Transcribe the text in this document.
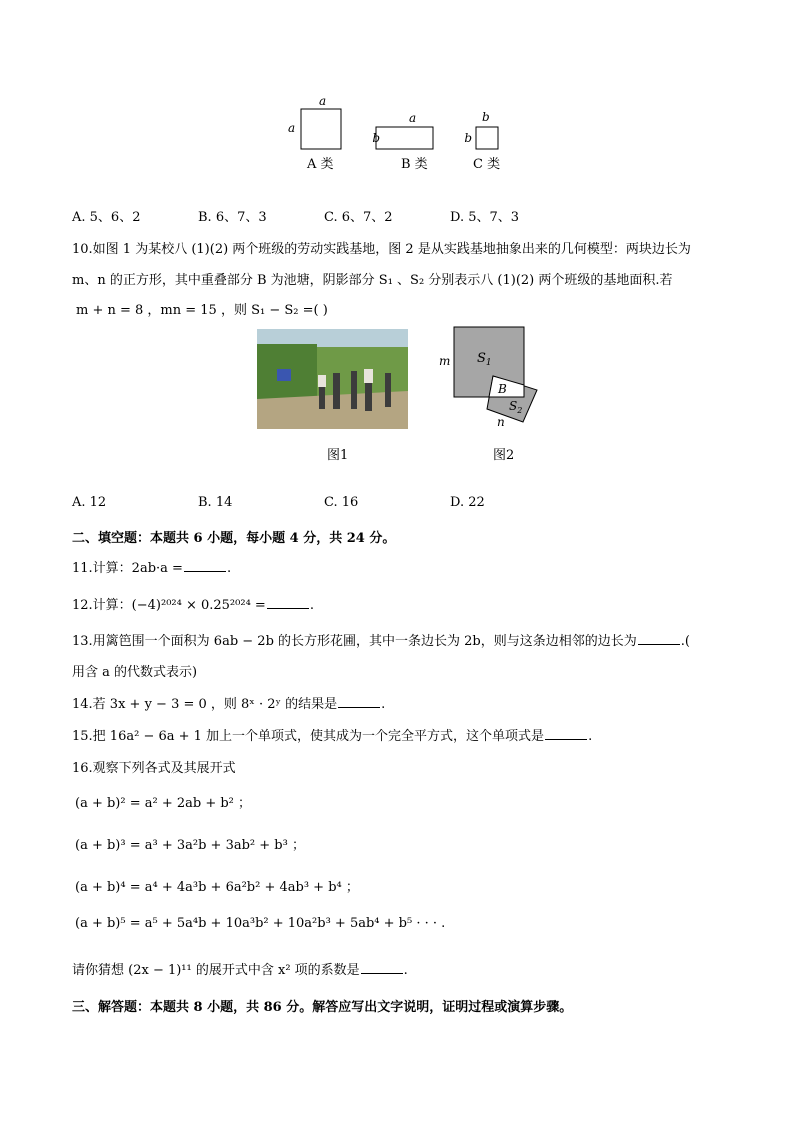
a
a
A 类
a
b
B 类
b
b
C 类
A. 5、6、2	B. 6、7、3	C. 6、7、2	D. 5、7、3
10.如图 1 为某校八 (1)(2) 两个班级的劳动实践基地，图 2 是从实践基地抽象出来的几何模型：两块边长为
m、n 的正方形，其中重叠部分 B 为池塘，阴影部分 S₁ 、S₂ 分别表示八 (1)(2) 两个班级的基地面积.若
m + n = 8 ，mn = 15 ，则 S₁ − S₂ =( )
图1
m $S_1$
B
$S_2$
n
图2
A. 12	B. 14	C. 16	D. 22
二、填空题：本题共 6 小题，每小题 4 分，共 24 分。
11.计算：2ab·a =	.
12.计算：(−4)²⁰²⁴ × 0.25²⁰²⁴ =	.
13.用篱笆围一个面积为 6ab − 2b 的长方形花圃，其中一条边长为 2b，则与这条边相邻的边长为	.(
用含 a 的代数式表示)
14.若 3x + y − 3 = 0 ，则 8ˣ · 2ʸ 的结果是	.
15.把 16a² − 6a + 1 加上一个单项式，使其成为一个完全平方式，这个单项式是	.
16.观察下列各式及其展开式
(a + b)² = a² + 2ab + b² ；
(a + b)³ = a³ + 3a²b + 3ab² + b³ ；
(a + b)⁴ = a⁴ + 4a³b + 6a²b² + 4ab³ + b⁴ ；
(a + b)⁵ = a⁵ + 5a⁴b + 10a³b² + 10a²b³ + 5ab⁴ + b⁵ · · · .
请你猜想 (2x − 1)¹¹ 的展开式中含 x² 项的系数是	.
三、解答题：本题共 8 小题，共 86 分。解答应写出文字说明，证明过程或演算步骤。
